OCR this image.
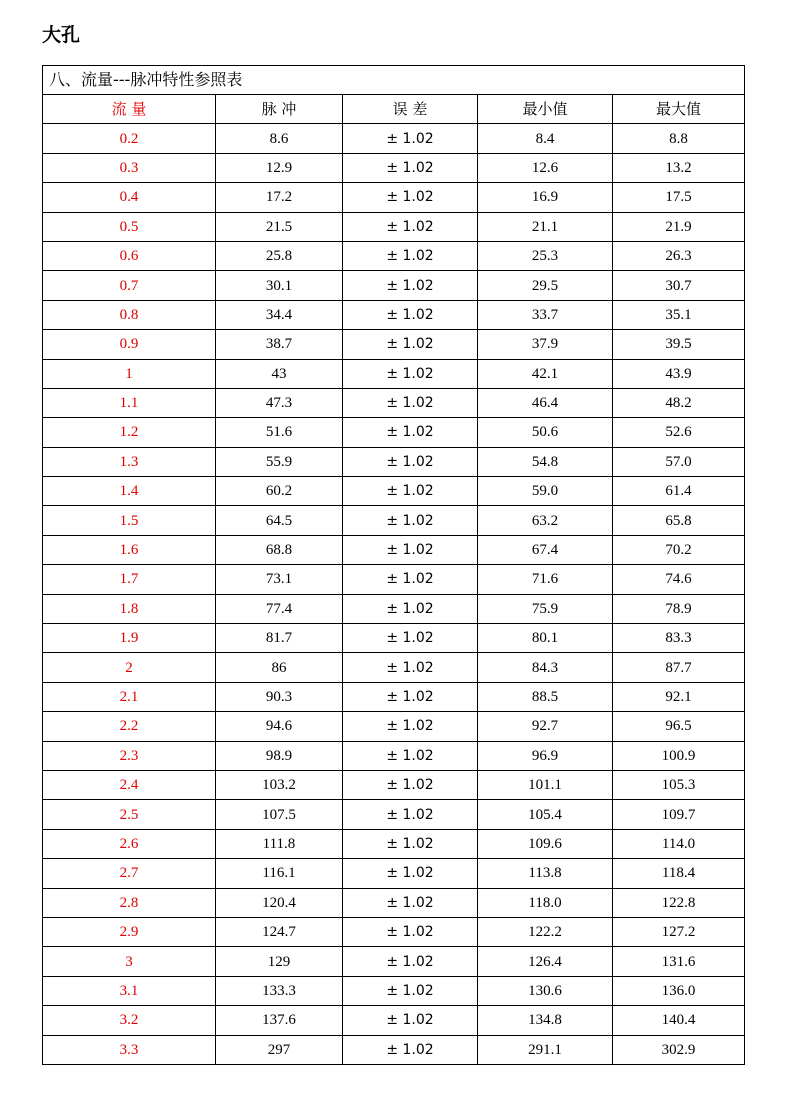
大孔
八、流量---脉冲特性参照表				
流 量	脉 冲	误 差	最小值	最大值
0.2	8.6	± 1.02	8.4	8.8
0.3	12.9	± 1.02	12.6	13.2
0.4	17.2	± 1.02	16.9	17.5
0.5	21.5	± 1.02	21.1	21.9
0.6	25.8	± 1.02	25.3	26.3
0.7	30.1	± 1.02	29.5	30.7
0.8	34.4	± 1.02	33.7	35.1
0.9	38.7	± 1.02	37.9	39.5
1	43	± 1.02	42.1	43.9
1.1	47.3	± 1.02	46.4	48.2
1.2	51.6	± 1.02	50.6	52.6
1.3	55.9	± 1.02	54.8	57.0
1.4	60.2	± 1.02	59.0	61.4
1.5	64.5	± 1.02	63.2	65.8
1.6	68.8	± 1.02	67.4	70.2
1.7	73.1	± 1.02	71.6	74.6
1.8	77.4	± 1.02	75.9	78.9
1.9	81.7	± 1.02	80.1	83.3
2	86	± 1.02	84.3	87.7
2.1	90.3	± 1.02	88.5	92.1
2.2	94.6	± 1.02	92.7	96.5
2.3	98.9	± 1.02	96.9	100.9
2.4	103.2	± 1.02	101.1	105.3
2.5	107.5	± 1.02	105.4	109.7
2.6	111.8	± 1.02	109.6	114.0
2.7	116.1	± 1.02	113.8	118.4
2.8	120.4	± 1.02	118.0	122.8
2.9	124.7	± 1.02	122.2	127.2
3	129	± 1.02	126.4	131.6
3.1	133.3	± 1.02	130.6	136.0
3.2	137.6	± 1.02	134.8	140.4
3.3	297	± 1.02	291.1	302.9
